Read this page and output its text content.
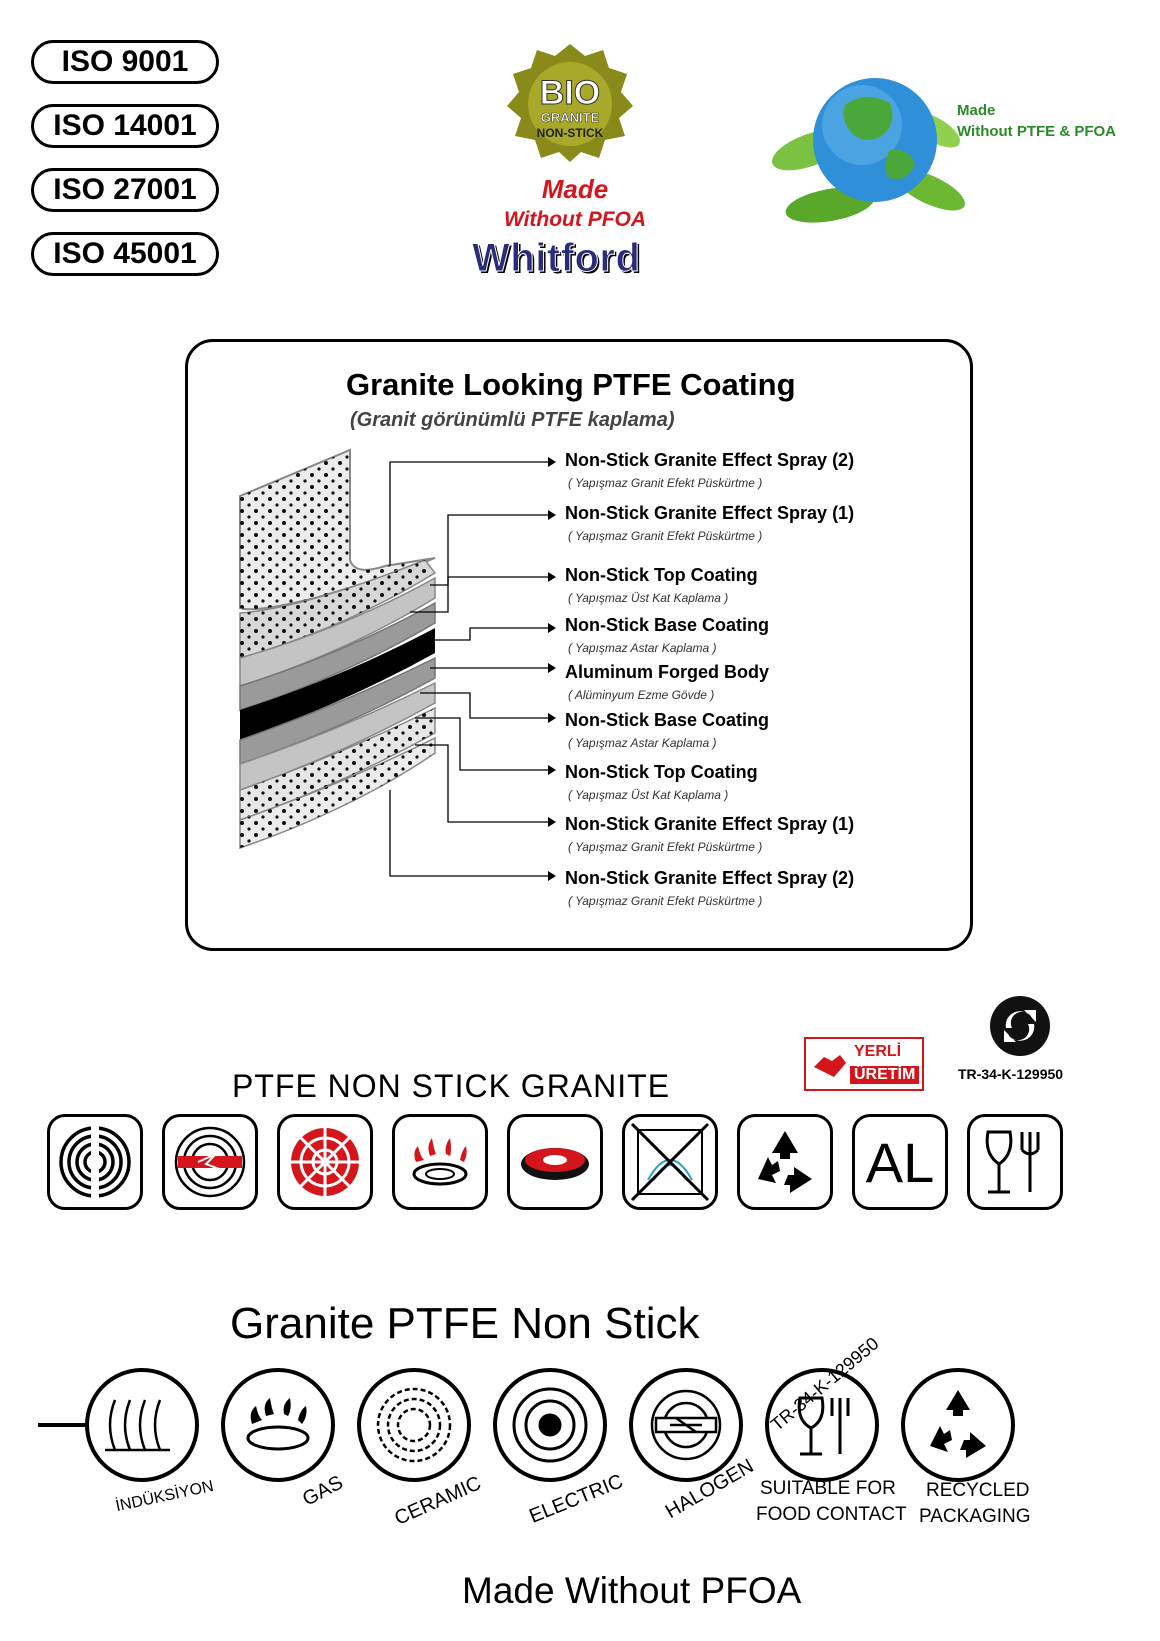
ISO 9001
ISO 14001
ISO 27001
ISO 45001
BIO
GRANITE
NON-STICK
Made
Without PFOA
Whitford
Made
Without PTFE & PFOA
Granite Looking PTFE Coating
(Granit görünümlü PTFE kaplama)
Non-Stick Granite Effect Spray (2)
( Yapışmaz Granit Efekt Püskürtme )
Non-Stick Granite Effect Spray (1)
( Yapışmaz Granit Efekt Püskürtme )
Non-Stick Top Coating
( Yapışmaz Üst Kat Kaplama )
Non-Stick Base Coating
( Yapışmaz Astar Kaplama )
Aluminum Forged Body
( Alüminyum Ezme Gövde )
Non-Stick Base Coating
( Yapışmaz Astar Kaplama )
Non-Stick Top Coating
( Yapışmaz Üst Kat Kaplama )
Non-Stick Granite Effect Spray (1)
( Yapışmaz Granit Efekt Püskürtme )
Non-Stick Granite Effect Spray (2)
( Yapışmaz Granit Efekt Püskürtme )
YERLİ
ÜRETİM	TR-34-K-129950
PTFE NON STICK GRANITE
AL
Granite PTFE Non Stick
İNDÜKSİYON	GAS CERAMIC ELECTRIC HALOGEN
TR-34-K-129950
SUITABLE FOR
FOOD CONTACT
RECYCLED
PACKAGING
Made Without PFOA
